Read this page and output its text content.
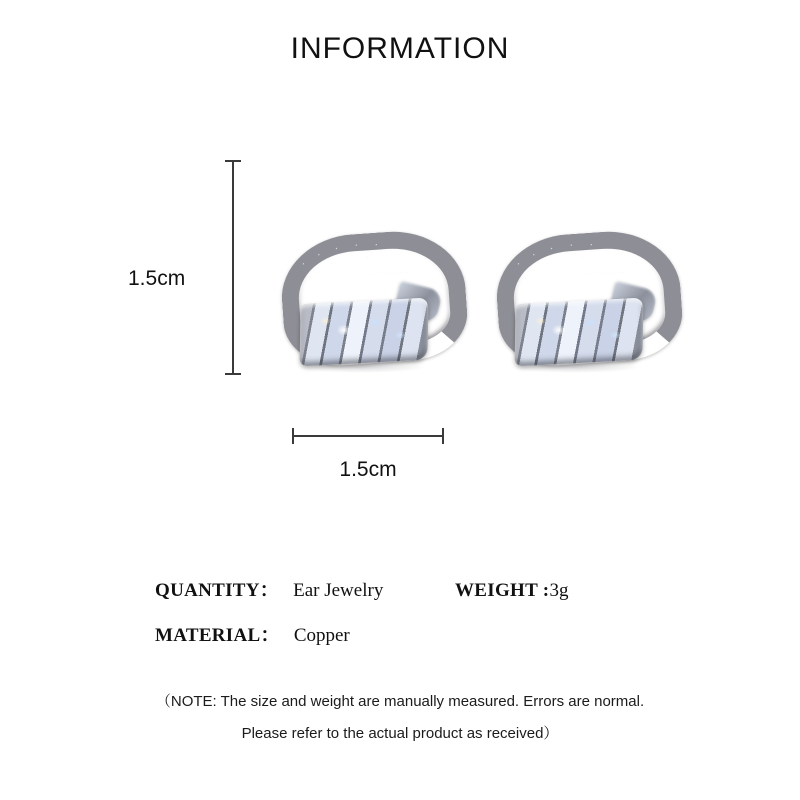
INFORMATION
1.5cm
1.5cm
QUANTITY： Ear Jewelry	WEIGHT : 3g
MATERIAL： Copper
（NOTE: The size and weight are manually measured. Errors are normal.
Please refer to the actual product as received）
